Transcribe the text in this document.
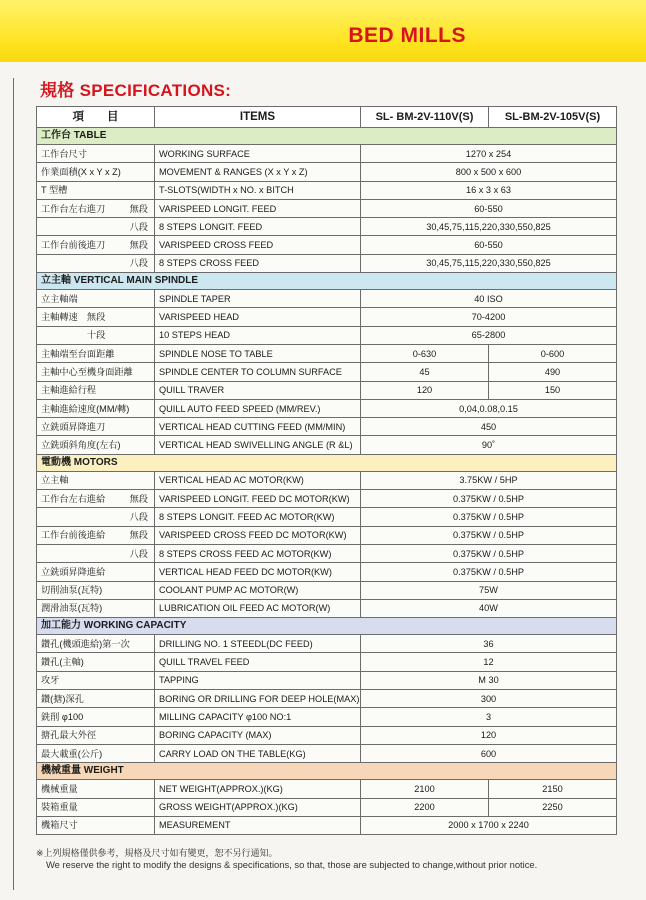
BED MILLS
規格 SPECIFICATIONS:
項　　目	ITEMS	SL- BM-2V-110V(S)	SL-BM-2V-105V(S)
工作台 TABLE			
工作台尺寸	WORKING SURFACE	1270 x 254	
作業面積(X x Y x Z)	MOVEMENT & RANGES (X x Y x Z)	800 x 500 x 600	
T 型槽	T-SLOTS(WIDTH x NO. x BITCH	16 x 3 x 63	
工作台左右進刀 無段	VARISPEED LONGIT. FEED	60-550	

八段	8 STEPS LONGIT. FEED	30,45,75,115,220,330,550,825	
工作台前後進刀 無段	VARISPEED CROSS FEED	60-550	

八段	8 STEPS CROSS FEED	30,45,75,115,220,330,550,825	
立主軸 VERTICAL MAIN SPINDLE			
立主軸端	SPINDLE TAPER	40 ISO	
主軸轉速　無段	VARISPEED HEAD	70-4200	
　　　　　十段	10 STEPS HEAD	65-2800	
主軸端至台面距離	SPINDLE NOSE TO TABLE	0-630	0-600
主軸中心至機身面距離	SPINDLE CENTER TO COLUMN SURFACE	45	490
主軸進給行程	QUILL TRAVER	120	150
主軸進給速度(MM/轉)	QUILL AUTO FEED SPEED (MM/REV.)	0,04,0.08,0.15	
立銑頭昇降進刀	VERTICAL HEAD CUTTING FEED (MM/MIN)	450	
立銑頭斜角度(左右)	VERTICAL HEAD SWIVELLING ANGLE (R &L)	90˚	
電動機 MOTORS			
立主軸	VERTICAL HEAD AC MOTOR(KW)	3.75KW / 5HP	
工作台左右進給 無段	VARISPEED LONGIT. FEED DC MOTOR(KW)	0.375KW / 0.5HP	

八段	8 STEPS LONGIT. FEED AC MOTOR(KW)	0.375KW / 0.5HP	
工作台前後進給 無段	VARISPEED CROSS FEED DC MOTOR(KW)	0.375KW / 0.5HP	

八段	8 STEPS CROSS FEED AC MOTOR(KW)	0.375KW / 0.5HP	
立銑頭昇降進給	VERTICAL HEAD FEED DC MOTOR(KW)	0.375KW / 0.5HP	
切削油泵(瓦特)	COOLANT PUMP AC MOTOR(W)	75W	
潤滑油泵(瓦特)	LUBRICATION OIL FEED AC MOTOR(W)	40W	
加工能力 WORKING CAPACITY			
鑽孔(機頭進給)第一次	DRILLING NO. 1 STEEDL(DC FEED)	36	
鑽孔(主軸)	QUILL TRAVEL FEED	12	
攻牙	TAPPING	M 30	
鑽(搪)深孔	BORING OR DRILLING FOR DEEP HOLE(MAX)	300	
銑削 φ100	MILLING CAPACITY φ100 NO:1	3	
搪孔最大外徑	BORING CAPACITY (MAX)	120	
最大載重(公斤)	CARRY LOAD ON THE TABLE(KG)	600	
機械重量 WEIGHT			
機械重量	NET WEIGHT(APPROX.)(KG)	2100	2150
裝箱重量	GROSS WEIGHT(APPROX.)(KG)	2200	2250
機箱尺寸	MEASUREMENT	2000 x 1700 x 2240	
※上列規格僅供參考，規格及尺寸如有變更，恕不另行通知。
We reserve the right to modify the designs & specifications, so that, those are subjected to change,without prior notice.
